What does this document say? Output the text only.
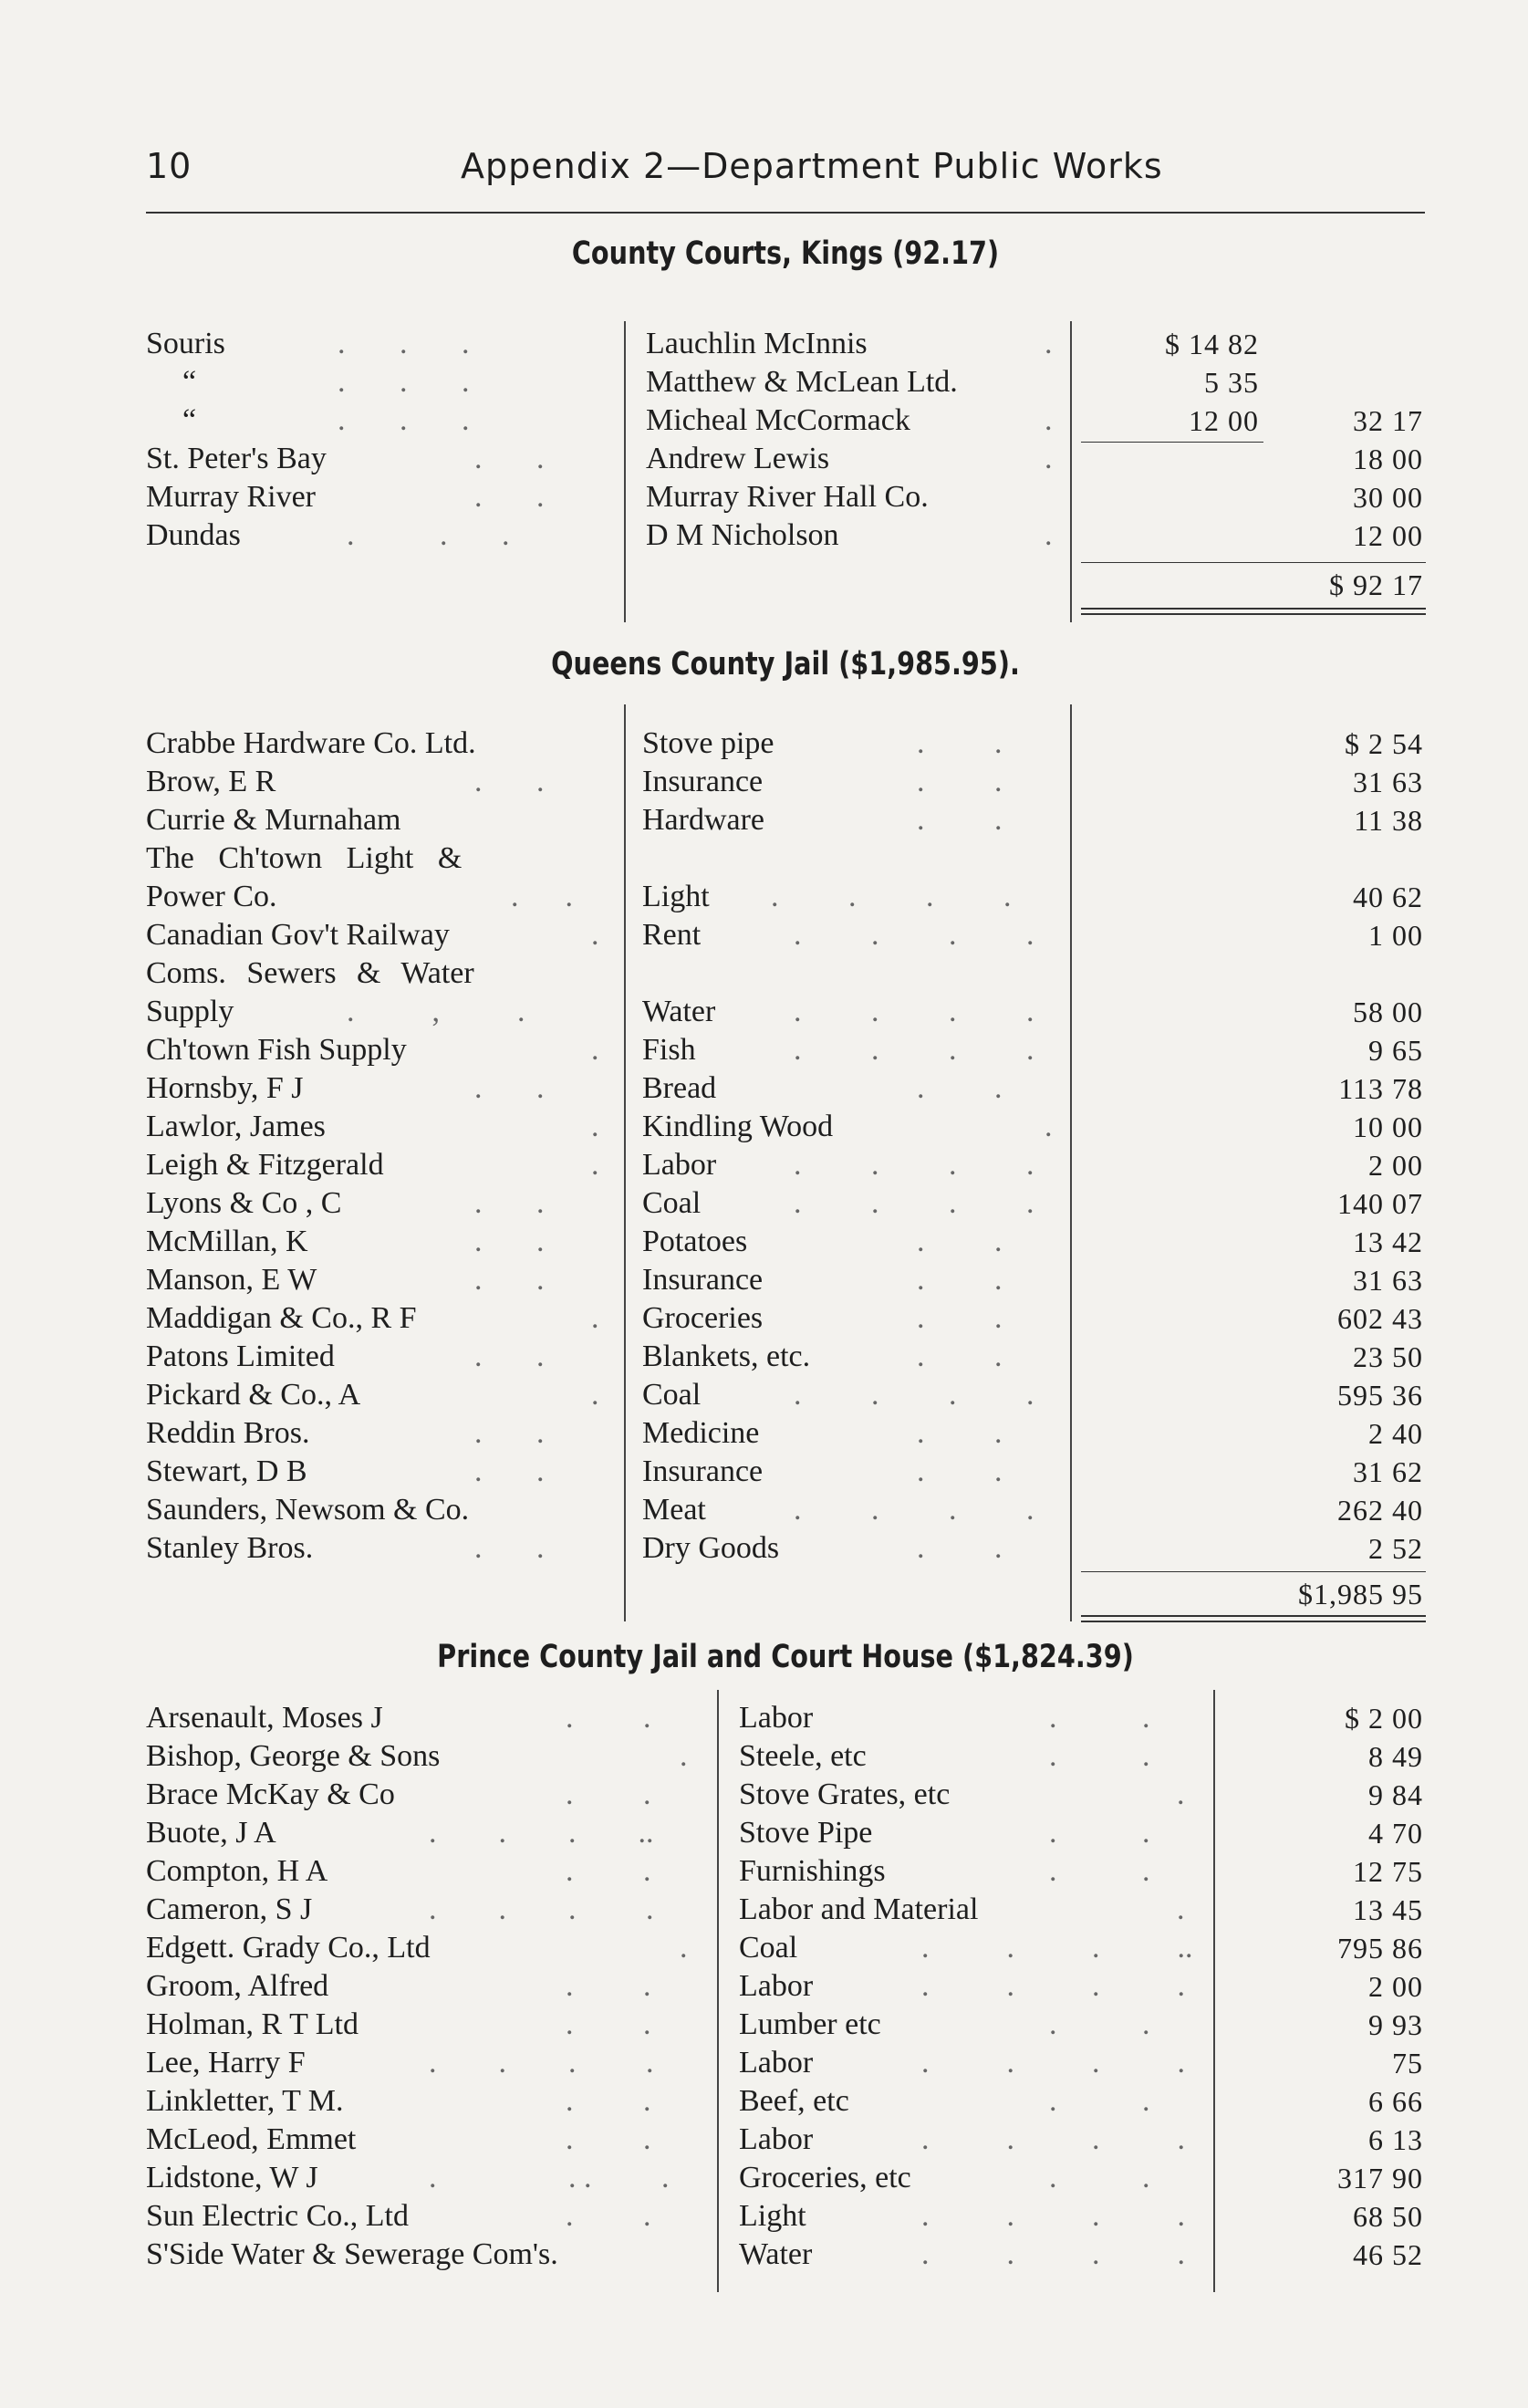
10	Appendix 2—Department Public Works
County Courts, Kings (92.17)
Souris	.       .       .	Lauchlin McInnis	.	$ 14 82
“	.       .       .	Matthew & McLean Ltd.	5 35
“	.       .       .	Micheal McCormack	.	12 00	32 17
St. Peter's Bay	.       .	Andrew Lewis	.	18 00
Murray River	.       .	Murray River Hall Co.	30 00
Dundas	.           .       .	D M Nicholson	.	12 00
$ 92 17
Queens County Jail ($1,985.95).
Crabbe Hardware Co. Ltd.	Stove pipe	.         .	$ 2 54
Brow, E R	.       .	Insurance	.         .	31 63
Currie & Murnaham	Hardware	.         .	11 38
The Ch'town Light &
Power Co.	.      . Light .         .         .         .	40 62
Canadian Gov't Railway	. Rent	.         .         .         .	1 00
Coms. Sewers & Water
Supply	.          ,          .	Water	.         .         .         .	58 00
Ch'town Fish Supply	. Fish	.         .         .         .	9 65
Hornsby, F J	.       .	Bread	.         .	113 78
Lawlor, James	. Kindling Wood	.	10 00
Leigh & Fitzgerald	. Labor .         .         .         .	2 00
Lyons & Co , C	.       .	Coal	.         .         .         .	140 07
McMillan, K	.       .	Potatoes	.         .	13 42
Manson, E W	.       .	Insurance	.         .	31 63
Maddigan & Co., R F	. Groceries	.         .	602 43
Patons Limited	.       .	Blankets, etc.	.         .	23 50
Pickard & Co., A	. Coal	.         .         .         .	595 36
Reddin Bros.	.       .	Medicine	.         .	2 40
Stewart, D B	.       .	Insurance	.         .	31 62
Saunders, Newsom & Co.	Meat	.         .         .         .	262 40
Stanley Bros.	.       .	Dry Goods	.         .	2 52
$1,985 95
Prince County Jail and Court House ($1,824.39)
Arsenault, Moses J	.         .	Labor	.           .	$ 2 00
Bishop, George & Sons	. Steele, etc	.           .	8 49
Brace McKay & Co	.         .	Stove Grates, etc	.	9 84
Buote, J A	.        .        .        ..	Stove Pipe	.           .	4 70
Compton, H A	.         .	Furnishings	.           .	12 75
Cameron, S J	.        .        .         .	Labor and Material	.	13 45
Edgett. Grady Co., Ltd	. Coal	.          .          .          ..	795 86
Groom, Alfred	.         .	Labor	.          .          .          .	2 00
Holman, R T Ltd	.         .	Lumber etc	.           .	9 93
Lee, Harry F	.        .        .         .	Labor	.          .          .          .	75
Linkletter, T M.	.         .	Beef, etc	.           .	6 66
McLeod, Emmet	.         .	Labor	.          .          .          .	6 13
Lidstone, W J	.                 . .         . Groceries, etc	.           .	317 90
Sun Electric Co., Ltd	.         .	Light	.          .          .          .	68 50
S'Side Water & Sewerage Com's.	Water	.          .          .          .	46 52
